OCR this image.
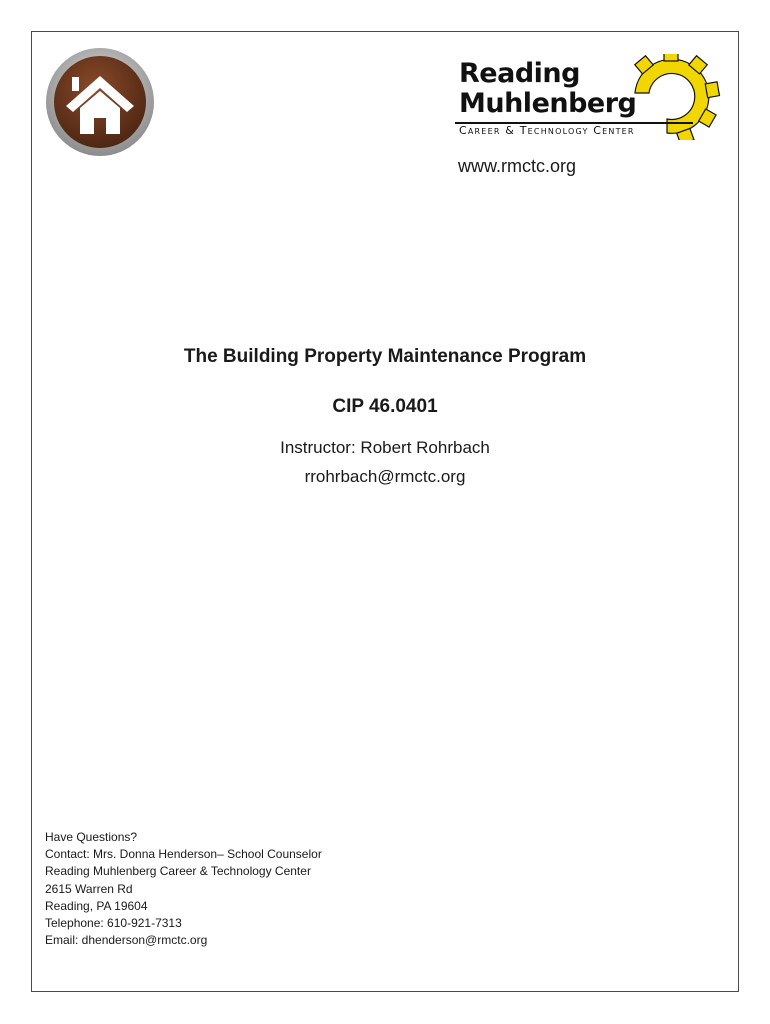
Reading
Muhlenberg
Career & Technology Center
www.rmctc.org
The Building Property Maintenance Program
CIP 46.0401
Instructor: Robert Rohrbach
rrohrbach@rmctc.org
Have Questions?
Contact: Mrs. Donna Henderson– School Counselor
Reading Muhlenberg Career & Technology Center
2615 Warren Rd
Reading, PA 19604
Telephone: 610-921-7313
Email: dhenderson@rmctc.org
